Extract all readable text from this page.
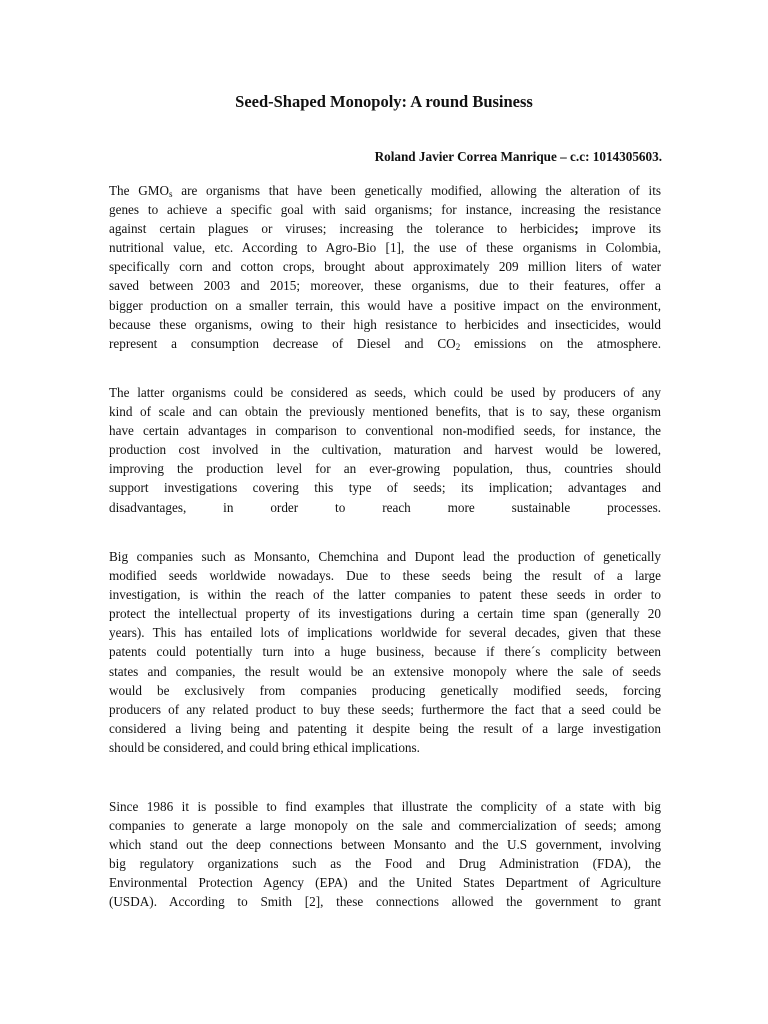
Seed-Shaped Monopoly: A round Business

Roland Javier Correa Manrique – c.c: 1014305603.

The $GMO_s$ are organisms that have been genetically modified, allowing the alteration of its
genes to achieve a specific goal with said organisms; for instance, increasing the resistance
against certain plagues or viruses; increasing the tolerance to herbicides; improve its
nutritional value, etc. According to Agro-Bio [1], the use of these organisms in Colombia,
specifically corn and cotton crops, brought about approximately 209 million liters of water
saved between 2003 and 2015; moreover, these organisms, due to their features, offer a
bigger production on a smaller terrain, this would have a positive impact on the environment,
because these organisms, owing to their high resistance to herbicides and insecticides, would
represent a consumption decrease of Diesel and $CO_2$ emissions on the atmosphere.

The latter organisms could be considered as seeds, which could be used by producers of any
kind of scale and can obtain the previously mentioned benefits, that is to say, these organism
have certain advantages in comparison to conventional non-modified seeds, for instance, the
production cost involved in the cultivation, maturation and harvest would be lowered,
improving the production level for an ever-growing population, thus, countries should
support investigations covering this type of seeds; its implication; advantages and
disadvantages, in order to reach more sustainable processes.

Big companies such as Monsanto, Chemchina and Dupont lead the production of genetically
modified seeds worldwide nowadays. Due to these seeds being the result of a large
investigation, is within the reach of the latter companies to patent these seeds in order to
protect the intellectual property of its investigations during a certain time span (generally 20
years). This has entailed lots of implications worldwide for several decades, given that these
patents could potentially turn into a huge business, because if there´s complicity between
states and companies, the result would be an extensive monopoly where the sale of seeds
would be exclusively from companies producing genetically modified seeds, forcing
producers of any related product to buy these seeds; furthermore the fact that a seed could be
considered a living being and patenting it despite being the result of a large investigation
should be considered, and could bring ethical implications.

Since 1986 it is possible to find examples that illustrate the complicity of a state with big
companies to generate a large monopoly on the sale and commercialization of seeds; among
which stand out the deep connections between Monsanto and the U.S government, involving
big regulatory organizations such as the Food and Drug Administration (FDA), the
Environmental Protection Agency (EPA) and the United States Department of Agriculture
(USDA). According to Smith [2], these connections allowed the government to grant
